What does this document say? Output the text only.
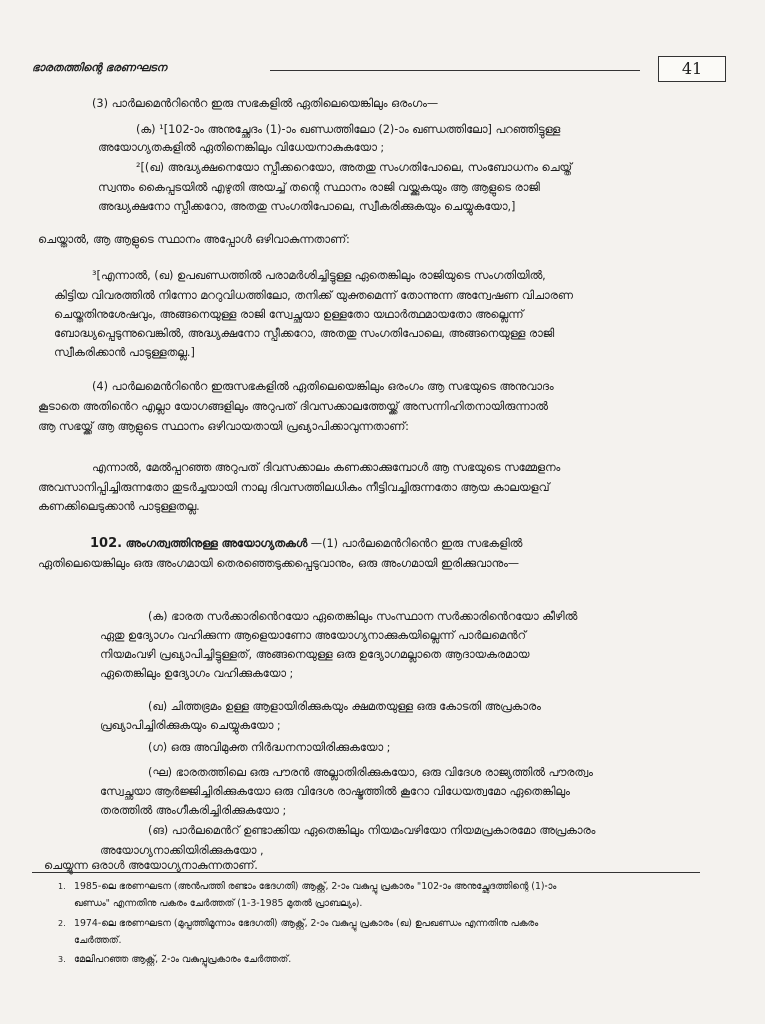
ഭാരതത്തിന്റെ ഭരണഘടന	41
(3) പാർലമെൻറിൻെറ ഇരു സഭകളിൽ ഏതിലെയെങ്കിലും ഒരംഗം—
(ക) ¹[102-ാം അനുച്ഛേദം (1)-ാം ഖണ്ഡത്തിലോ (2)-ാം ഖണ്ഡത്തിലോ] പറഞ്ഞിട്ടുള്ള
അയോഗ്യതകളിൽ ഏതിനെങ്കിലും വിധേയനാകുകയോ ;
²[(ഖ) അദ്ധ്യക്ഷനെയോ സ്പീക്കറെയോ, അതതു സംഗതിപോലെ, സംബോധനം ചെയ്ത്
സ്വന്തം കൈപ്പടയിൽ എഴുതി അയച്ച് തന്റെ സ്ഥാനം രാജി വയ്ക്കുകയും ആ ആളുടെ രാജി
അദ്ധ്യക്ഷനോ സ്പീക്കറോ, അതതു സംഗതിപോലെ, സ്വീകരിക്കുകയും ചെയ്യുകയോ,]
ചെയ്താൽ, ആ ആളുടെ സ്ഥാനം അപ്പോൾ ഒഴിവാകുന്നതാണ്:
³[എന്നാൽ, (ഖ) ഉപഖണ്ഡത്തിൽ പരാമർശിച്ചിട്ടുള്ള ഏതെങ്കിലും രാജിയുടെ സംഗതിയിൽ,
കിട്ടിയ വിവരത്തിൽ നിന്നോ മററുവിധത്തിലോ, തനിക്ക് യുക്തമെന്ന് തോന്നുന്ന അന്വേഷണ വിചാരണ
ചെയ്തതിനുശേഷവും, അങ്ങനെയുള്ള രാജി സ്വേച്ഛയാ ഉള്ളതോ യഥാർത്ഥമായതോ അല്ലെന്ന്
ബോദ്ധ്യപ്പെടുന്നുവെങ്കിൽ, അദ്ധ്യക്ഷനോ സ്പീക്കറോ, അതതു സംഗതിപോലെ, അങ്ങനെയുള്ള രാജി
സ്വീകരിക്കാൻ പാടുള്ളതല്ല.]
(4) പാർലമെൻറിൻെറ ഇരുസഭകളിൽ ഏതിലെയെങ്കിലും ഒരംഗം ആ സഭയുടെ അനുവാദം
കൂടാതെ അതിൻെറ എല്ലാ യോഗങ്ങളിലും അറുപത് ദിവസക്കാലത്തേയ്ക്ക് അസന്നിഹിതനായിരുന്നാൽ
ആ സഭയ്ക്ക് ആ ആളുടെ സ്ഥാനം ഒഴിവായതായി പ്രഖ്യാപിക്കാവുന്നതാണ്:
എന്നാൽ, മേൽപ്പറഞ്ഞ അറുപത് ദിവസക്കാലം കണക്കാക്കുമ്പോൾ ആ സഭയുടെ സമ്മേളനം
അവസാനിപ്പിച്ചിരുന്നതോ തുടർച്ചയായി നാലു ദിവസത്തിലധികം നീട്ടിവച്ചിരുന്നതോ ആയ കാലയളവ്
കണക്കിലെടുക്കാൻ പാടുള്ളതല്ല.
102. അംഗത്വത്തിനുള്ള അയോഗ്യതകൾ —(1) പാർലമെൻറിൻെറ ഇരു സഭകളിൽ
ഏതിലെയെങ്കിലും ഒരു അംഗമായി തെരഞ്ഞെടുക്കപ്പെടുവാനും, ഒരു അംഗമായി ഇരിക്കുവാനും—
(ക) ഭാരത സർക്കാരിൻെറയോ ഏതെങ്കിലും സംസ്ഥാന സർക്കാരിൻെറയോ കീഴിൽ
ഏതു ഉദ്യോഗം വഹിക്കുന്ന ആളെയാണോ അയോഗ്യനാക്കുകയില്ലെന്ന് പാർലമെൻറ്
നിയമംവഴി പ്രഖ്യാപിച്ചിട്ടുള്ളത്, അങ്ങനെയുള്ള ഒരു ഉദ്യോഗമല്ലാതെ ആദായകരമായ
ഏതെങ്കിലും ഉദ്യോഗം വഹിക്കുകയോ ;
(ഖ) ചിത്തഭ്രമം ഉള്ള ആളായിരിക്കുകയും ക്ഷമതയുള്ള ഒരു കോടതി അപ്രകാരം
പ്രഖ്യാപിച്ചിരിക്കുകയും ചെയ്യുകയോ ;
(ഗ) ഒരു അവിമുക്ത നിർദ്ധനനായിരിക്കുകയോ ;
(ഘ) ഭാരതത്തിലെ ഒരു പൗരൻ അല്ലാതിരിക്കുകയോ, ഒരു വിദേശ രാജ്യത്തിൽ പൗരത്വം
സ്വേച്ഛയാ ആർജ്ജിച്ചിരിക്കുകയോ ഒരു വിദേശ രാഷ്ട്രത്തിൽ കൂറോ വിധേയത്വമോ ഏതെങ്കിലും
തരത്തിൽ അംഗീകരിച്ചിരിക്കുകയോ ;
(ങ) പാർലമെൻറ് ഉണ്ടാക്കിയ ഏതെങ്കിലും നിയമംവഴിയോ നിയമപ്രകാരമോ അപ്രകാരം
അയോഗ്യനാക്കിയിരിക്കുകയോ ,
ചെയ്യുന്ന ഒരാൾ അയോഗ്യനാകുന്നതാണ്.
1. 1985-ലെ ഭരണഘടന (അൻപത്തി രണ്ടാം ഭേദഗതി) ആക്റ്റ്, 2-ാം വകുപ്പു പ്രകാരം "102-ാം അനുച്ഛേദത്തിന്റെ (1)-ാം
ഖണ്ഡം" എന്നതിനു പകരം ചേർത്തത് (1-3-1985 മുതൽ പ്രാബല്യം).
2. 1974-ലെ ഭരണഘടന (മുപ്പത്തിമൂന്നാം ഭേദഗതി) ആക്റ്റ്, 2-ാം വകുപ്പു പ്രകാരം (ഖ) ഉപഖണ്ഡം എന്നതിനു പകരം
ചേർത്തത്.
3. മേലിപറഞ്ഞ ആക്റ്റ്, 2-ാം വകുപ്പുപ്രകാരം ചേർത്തത്.
